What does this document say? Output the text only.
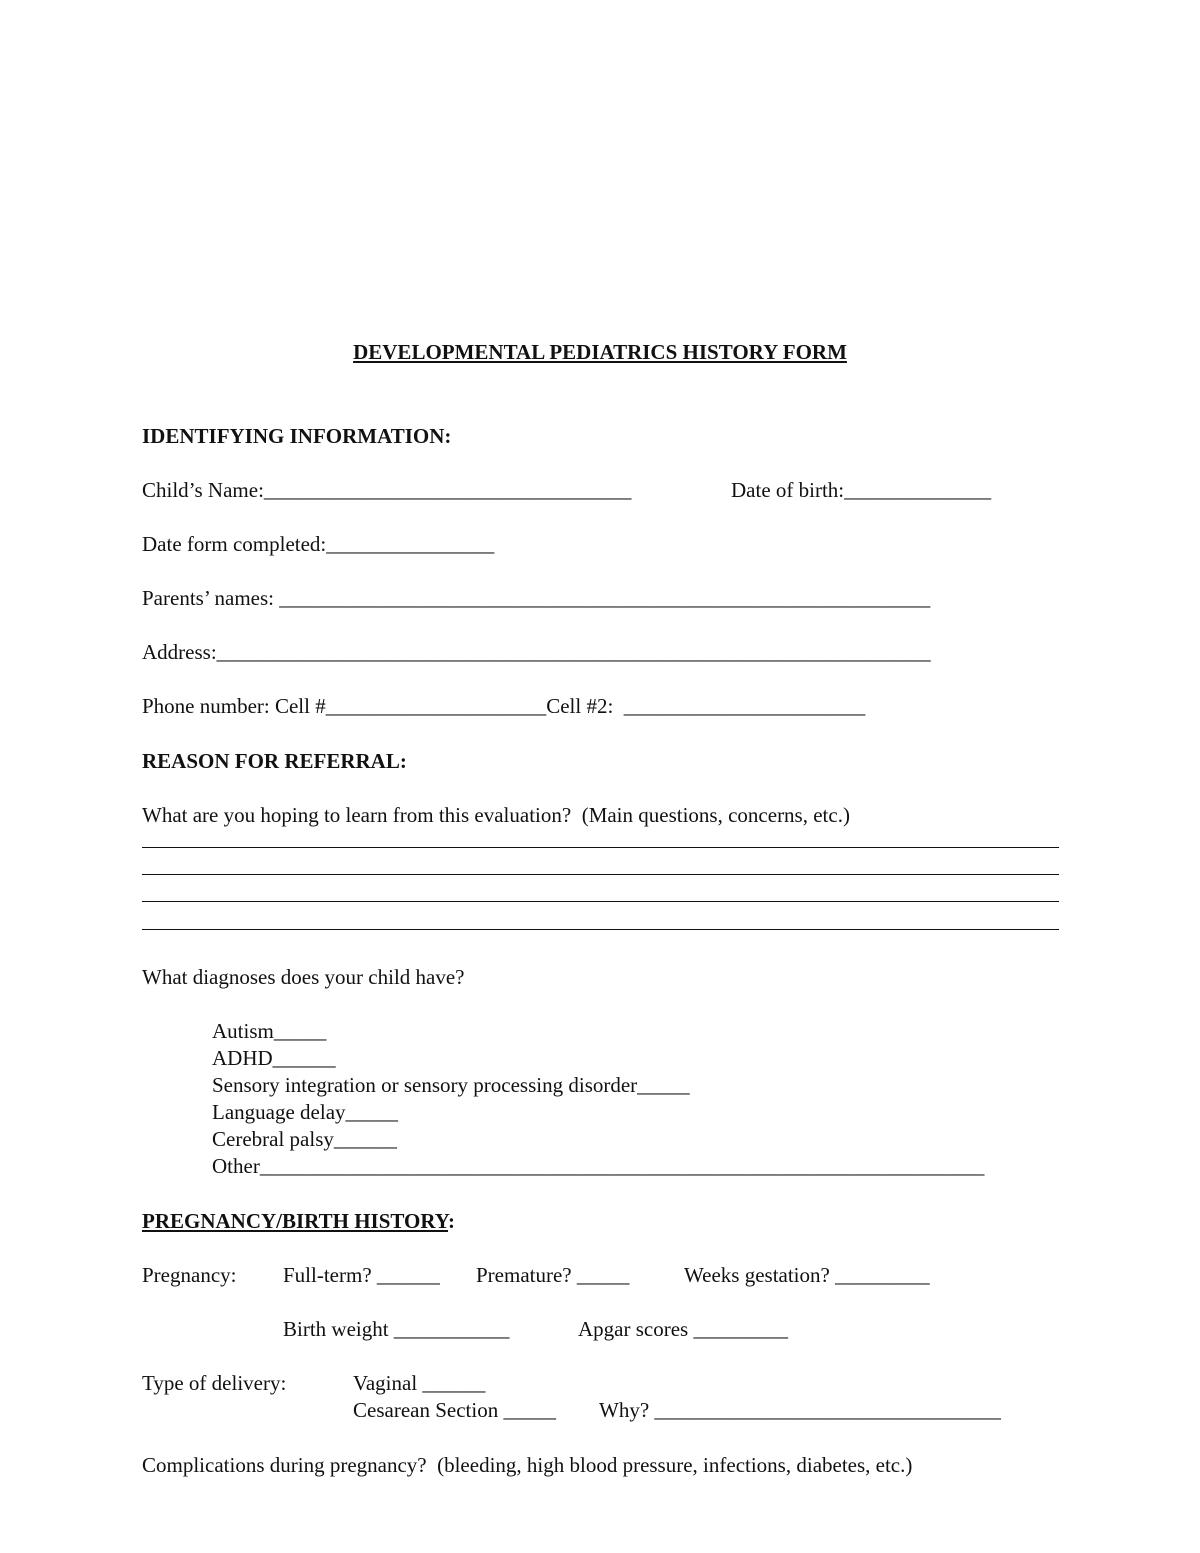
DEVELOPMENTAL PEDIATRICS HISTORY FORM
IDENTIFYING INFORMATION:
Child’s Name:___________________________________	Date of birth:______________
Date form completed:________________
Parents’ names: ______________________________________________________________
Address:____________________________________________________________________
Phone number: Cell #_____________________Cell #2:  _______________________
REASON FOR REFERRAL:
What are you hoping to learn from this evaluation?  (Main questions, concerns, etc.)
What diagnoses does your child have?
Autism_____
ADHD______
Sensory integration or sensory processing disorder_____
Language delay_____
Cerebral palsy______
Other_____________________________________________________________________
PREGNANCY/BIRTH HISTORY:
Pregnancy: Full-term? ______ Premature? _____	Weeks gestation? _________
Birth weight ___________	Apgar scores _________
Type of delivery:	Vaginal ______
Cesarean Section _____ Why? _________________________________
Complications during pregnancy?  (bleeding, high blood pressure, infections, diabetes, etc.)
